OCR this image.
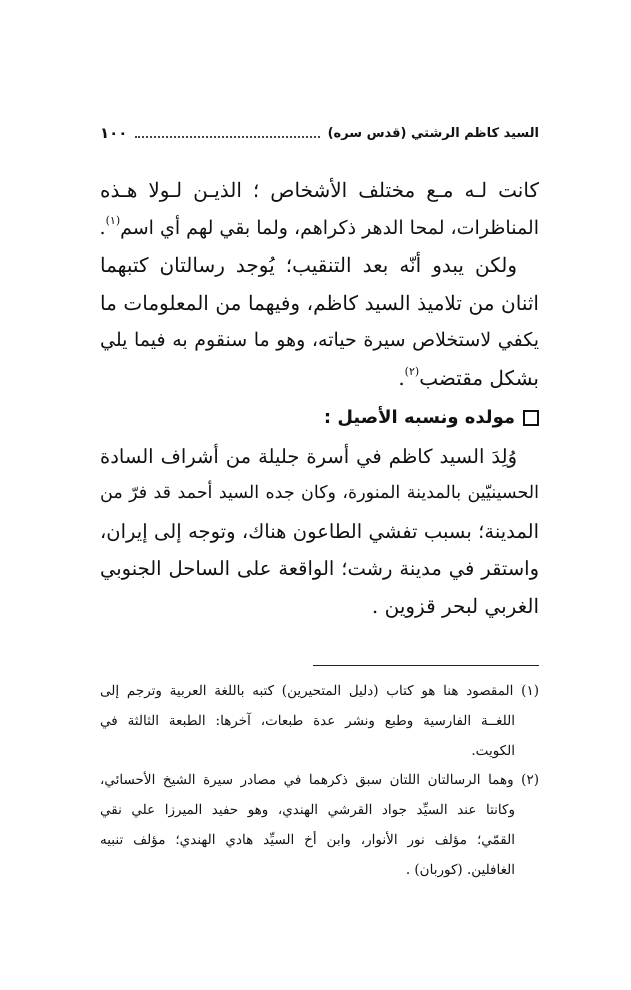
السيد كاظم الرشتي (قدس سره)
١٠٠
كانت لـه مـع مختلف الأشخاص ؛ الذيـن لـولا هـذه
المناظرات، لمحا الدهر ذكراهم، ولما بقي لهم أي اسم$^{(١)}$.
ولكن يبدو أنّه بعد التنقيب؛ يُوجد رسالتان كتبهما
اثنان من تلاميذ السيد كاظم، وفيهما من المعلومات ما
يكفي لاستخلاص سيرة حياته، وهو ما سنقوم به فيما يلي
بشكل مقتضب$^{(٢)}$.
مولده ونسبه الأصيل :
وُلِدَ السيد كاظم في أسرة جليلة من أشراف السادة
الحسينيّين بالمدينة المنورة، وكان جده السيد أحمد قد فرّ من
المدينة؛ بسبب تفشي الطاعون هناك، وتوجه إلى إيران،
واستقر في مدينة رشت؛ الواقعة على الساحل الجنوبي
الغربي لبحر قزوين .
(١) المقصود هنا هو كتاب (دليل المتحيرين) كتبه باللغة العربية وترجم إلى
اللغــة الفارسية وطبع ونشر عدة طبعات، آخرها: الطبعة الثالثة في
الكويت.
(٢) وهما الرسالتان اللتان سبق ذكرهما في مصادر سيرة الشيخ الأحسائي،
وكانتا عند السيِّد جواد القرشي الهندي، وهو حفيد الميرزا علي نقي
القمّي؛ مؤلف نور الأنوار، وابن أخ السيِّد هادي الهندي؛ مؤلف تنبيه
الغافلين. (كوربان) .
